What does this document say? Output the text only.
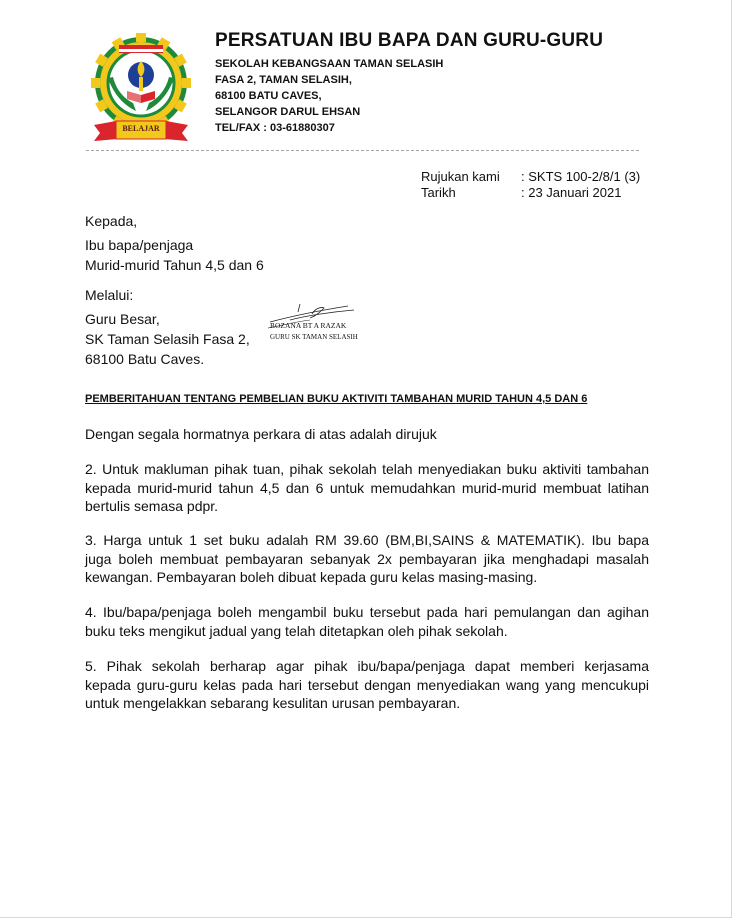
BELAJAR
PERSATUAN IBU BAPA DAN GURU-GURU
SEKOLAH KEBANGSAAN TAMAN SELASIH
FASA 2, TAMAN SELASIH,
68100 BATU CAVES,
SELANGOR DARUL EHSAN
TEL/FAX : 03-61880307
Rujukan kami
Tarikh
: SKTS 100-2/8/1 (3)
: 23 Januari 2021
Kepada,
Ibu bapa/penjaga
Murid-murid Tahun 4,5 dan 6
Melalui:
Guru Besar,
SK Taman Selasih Fasa 2,
68100 Batu Caves.
ROZANA BT A RAZAK
GURU SK TAMAN SELASIH
PEMBERITAHUAN TENTANG PEMBELIAN BUKU AKTIVITI TAMBAHAN MURID TAHUN 4,5 DAN 6
Dengan segala hormatnya perkara di atas adalah dirujuk
2. Untuk makluman pihak tuan, pihak sekolah telah menyediakan buku aktiviti tambahan
kepada murid-murid tahun 4,5 dan 6 untuk memudahkan murid-murid membuat latihan
bertulis semasa pdpr.
3. Harga untuk 1 set buku adalah RM 39.60 (BM,BI,SAINS & MATEMATIK). Ibu bapa
juga boleh membuat pembayaran sebanyak 2x pembayaran jika menghadapi masalah
kewangan. Pembayaran boleh dibuat kepada guru kelas masing-masing.
4. Ibu/bapa/penjaga boleh mengambil buku tersebut pada hari pemulangan dan agihan
buku teks mengikut jadual yang telah ditetapkan oleh pihak sekolah.
5. Pihak sekolah berharap agar pihak ibu/bapa/penjaga dapat memberi kerjasama
kepada guru-guru kelas pada hari tersebut dengan menyediakan wang yang mencukupi
untuk mengelakkan sebarang kesulitan urusan pembayaran.
